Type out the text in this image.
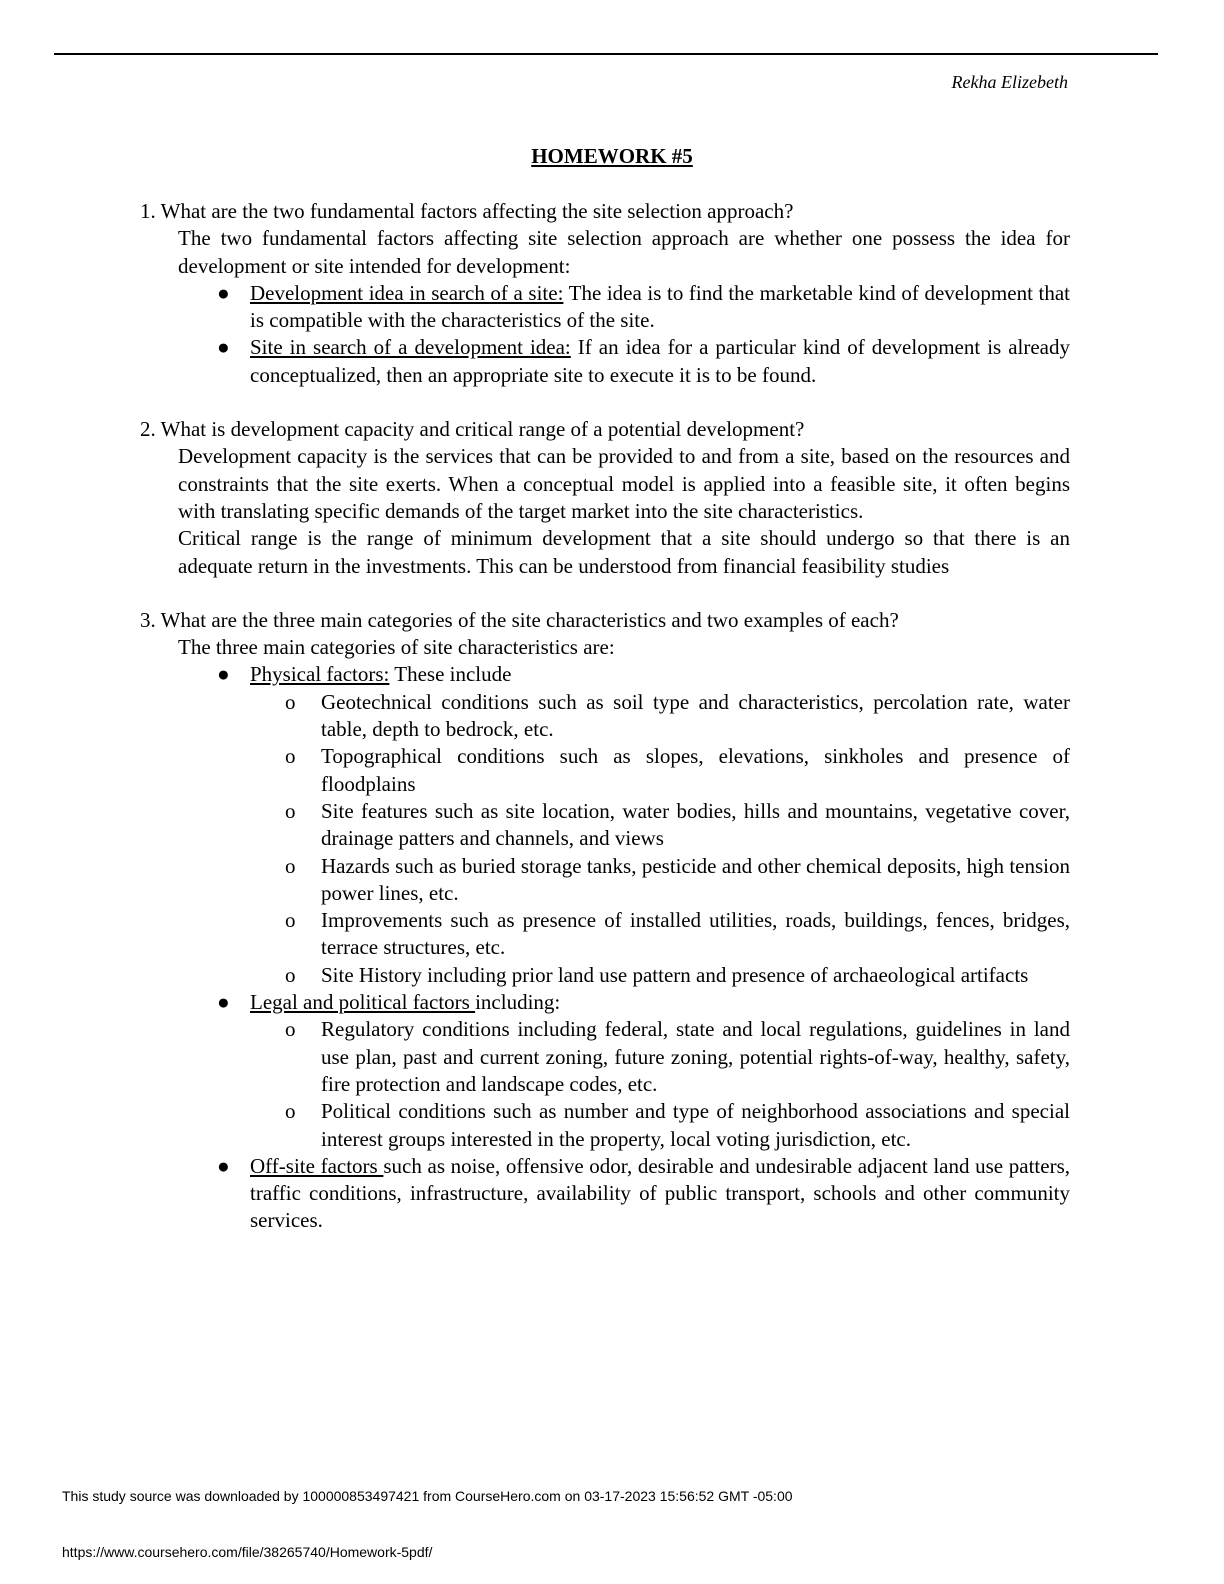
Rekha Elizebeth
HOMEWORK #5

1. What are the two fundamental factors affecting the site selection approach?

The two fundamental factors affecting site selection approach are whether one possess the idea for development or site intended for development:

● Development idea in search of a site: The idea is to find the marketable kind of development that is compatible with the characteristics of the site.
● Site in search of a development idea: If an idea for a particular kind of development is already conceptualized, then an appropriate site to execute it is to be found.

2. What is development capacity and critical range of a potential development?

Development capacity is the services that can be provided to and from a site, based on the resources and constraints that the site exerts. When a conceptual model is applied into a feasible site, it often begins with translating specific demands of the target market into the site characteristics.

Critical range is the range of minimum development that a site should undergo so that there is an adequate return in the investments. This can be understood from financial feasibility studies

3. What are the three main categories of the site characteristics and two examples of each?

The three main categories of site characteristics are:

● Physical factors: These include
o Geotechnical conditions such as soil type and characteristics, percolation rate, water table, depth to bedrock, etc.
o Topographical conditions such as slopes, elevations, sinkholes and presence of floodplains
o Site features such as site location, water bodies, hills and mountains, vegetative cover, drainage patters and channels, and views
o Hazards such as buried storage tanks, pesticide and other chemical deposits, high tension power lines, etc.
o Improvements such as presence of installed utilities, roads, buildings, fences, bridges, terrace structures, etc.
o Site History including prior land use pattern and presence of archaeological artifacts
● Legal and political factors including:
o Regulatory conditions including federal, state and local regulations, guidelines in land use plan, past and current zoning, future zoning, potential rights-of-way, healthy, safety, fire protection and landscape codes, etc.
o Political conditions such as number and type of neighborhood associations and special interest groups interested in the property, local voting jurisdiction, etc.
● Off-site factors such as noise, offensive odor, desirable and undesirable adjacent land use patters, traffic conditions, infrastructure, availability of public transport, schools and other community services.
This study source was downloaded by 100000853497421 from CourseHero.com on 03-17-2023 15:56:52 GMT -05:00
https://www.coursehero.com/file/38265740/Homework-5pdf/
